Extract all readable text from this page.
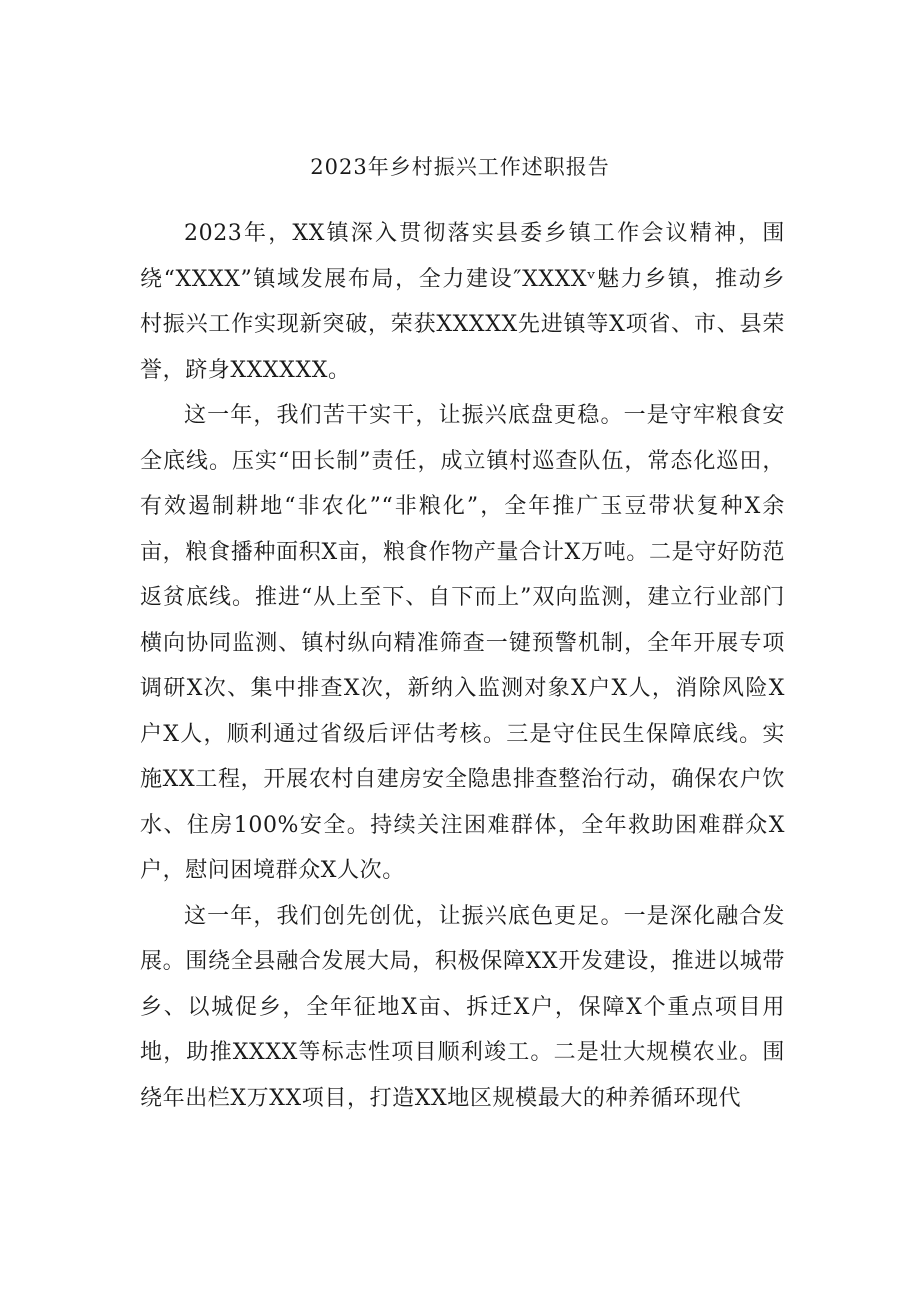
2023年乡村振兴工作述职报告

2023年，XX镇深入贯彻落实县委乡镇工作会议精神，围绕“XXXX”镇域发展布局，全力建设″XXXXᵛ魅力乡镇，推动乡村振兴工作实现新突破，荣获XXXXX先进镇等X项省、市、县荣誉，跻身XXXXXX。

这一年，我们苦干实干，让振兴底盘更稳。一是守牢粮食安全底线。压实“田长制”责任，成立镇村巡查队伍，常态化巡田，有效遏制耕地“非农化”“非粮化”，全年推广玉豆带状复种X余亩，粮食播种面积X亩，粮食作物产量合计X万吨。二是守好防范返贫底线。推进“从上至下、自下而上”双向监测，建立行业部门横向协同监测、镇村纵向精准筛查一键预警机制，全年开展专项调研X次、集中排查X次，新纳入监测对象X户X人，消除风险X户X人，顺利通过省级后评估考核。三是守住民生保障底线。实施XX工程，开展农村自建房安全隐患排查整治行动，确保农户饮水、住房100%安全。持续关注困难群体，全年救助困难群众X户，慰问困境群众X人次。

这一年，我们创先创优，让振兴底色更足。一是深化融合发展。围绕全县融合发展大局，积极保障XX开发建设，推进以城带乡、以城促乡，全年征地X亩、拆迁X户，保障X个重点项目用地，助推XXXX等标志性项目顺利竣工。二是壮大规模农业。围绕年出栏X万XX项目，打造XX地区规模最大的种养循环现代
